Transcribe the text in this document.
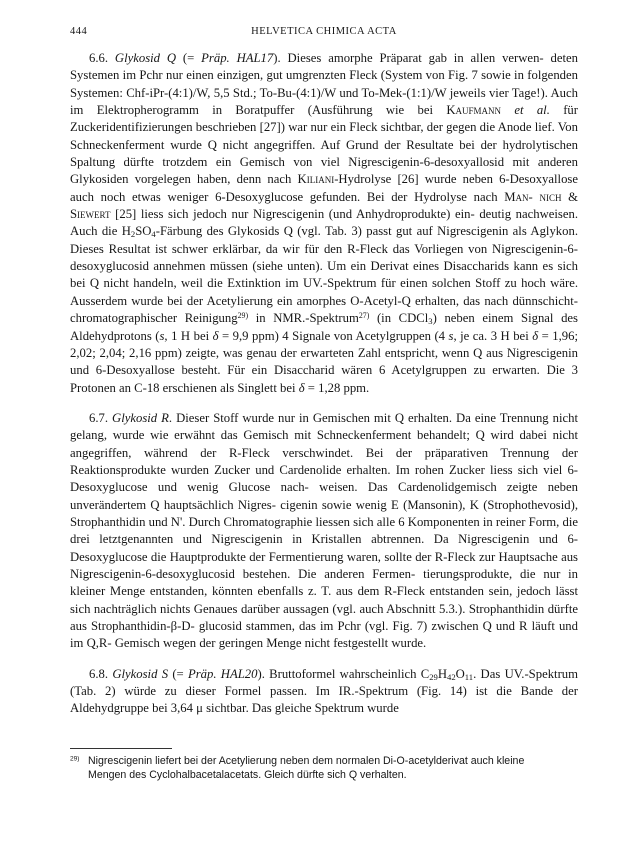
444	HELVETICA CHIMICA ACTA

6.6. Glykosid Q (= Präp. HAL17). Dieses amorphe Präparat gab in allen verwen- deten Systemen im Pchr nur einen einzigen, gut umgrenzten Fleck (System von Fig. 7 sowie in folgenden Systemen: Chf-iPr-(4:1)/W, 5,5 Std.; To-Bu-(4:1)/W und To-Mek-(1:1)/W jeweils vier Tage!). Auch im Elektropherogramm in Boratpuffer (Ausführung wie bei Kaufmann et al. für Zuckeridentifizierungen beschrieben [27]) war nur ein Fleck sichtbar, der gegen die Anode lief. Von Schneckenferment wurde Q nicht angegriffen. Auf Grund der Resultate bei der hydrolytischen Spaltung dürfte trotzdem ein Gemisch von viel Nigrescigenin-6-desoxyallosid mit anderen Glykosiden vorgelegen haben, denn nach Kiliani-Hydrolyse [26] wurde neben 6-Desoxyallose auch noch etwas weniger 6-Desoxyglucose gefunden. Bei der Hydrolyse nach Man- nich & Siewert [25] liess sich jedoch nur Nigrescigenin (und Anhydroprodukte) ein- deutig nachweisen. Auch die $H_2SO_4$-Färbung des Glykosids Q (vgl. Tab. 3) passt gut auf Nigrescigenin als Aglykon. Dieses Resultat ist schwer erklärbar, da wir für den R-Fleck das Vorliegen von Nigrescigenin-6-desoxyglucosid annehmen müssen (siehe unten). Um ein Derivat eines Disaccharids kann es sich bei Q nicht handeln, weil die Extinktion im UV.-Spektrum für einen solchen Stoff zu hoch wäre. Ausserdem wurde bei der Acetylierung ein amorphes O-Acetyl-Q erhalten, das nach dünnschicht- chromatographischer Reinigung$^{29)}$ in NMR.-Spektrum$^{27)}$ (in CDCl$_3$) neben einem Signal des Aldehydprotons (s, 1 H bei δ = 9,9 ppm) 4 Signale von Acetylgruppen (4 s, je ca. 3 H bei δ = 1,96; 2,02; 2,04; 2,16 ppm) zeigte, was genau der erwarteten Zahl entspricht, wenn Q aus Nigrescigenin und 6-Desoxyallose besteht. Für ein Disaccharid wären 6 Acetylgruppen zu erwarten. Die 3 Protonen an C-18 erschienen als Singlett bei δ = 1,28 ppm.

6.7. Glykosid R. Dieser Stoff wurde nur in Gemischen mit Q erhalten. Da eine Trennung nicht gelang, wurde wie erwähnt das Gemisch mit Schneckenferment behandelt; Q wird dabei nicht angegriffen, während der R-Fleck verschwindet. Bei der präparativen Trennung der Reaktionsprodukte wurden Zucker und Cardenolide erhalten. Im rohen Zucker liess sich viel 6-Desoxyglucose und wenig Glucose nach- weisen. Das Cardenolidgemisch zeigte neben unverändertem Q hauptsächlich Nigres- cigenin sowie wenig E (Mansonin), K (Strophothevosid), Strophanthidin und N'. Durch Chromatographie liessen sich alle 6 Komponenten in reiner Form, die drei letztgenannten und Nigrescigenin in Kristallen abtrennen. Da Nigrescigenin und 6-Desoxyglucose die Hauptprodukte der Fermentierung waren, sollte der R-Fleck zur Hauptsache aus Nigrescigenin-6-desoxyglucosid bestehen. Die anderen Fermen- tierungsprodukte, die nur in kleiner Menge entstanden, könnten ebenfalls z. T. aus dem R-Fleck entstanden sein, jedoch lässt sich nachträglich nichts Genaues darüber aussagen (vgl. auch Abschnitt 5.3.). Strophanthidin dürfte aus Strophanthidin-β-D- glucosid stammen, das im Pchr (vgl. Fig. 7) zwischen Q und R läuft und im Q,R- Gemisch wegen der geringen Menge nicht festgestellt wurde.

6.8. Glykosid S (= Präp. HAL20). Bruttoformel wahrscheinlich $C_{29}H_{42}O_{11}$. Das UV.-Spektrum (Tab. 2) würde zu dieser Formel passen. Im IR.-Spektrum (Fig. 14) ist die Bande der Aldehydgruppe bei 3,64 μ sichtbar. Das gleiche Spektrum wurde

$^{29)}$ Nigrescigenin liefert bei der Acetylierung neben dem normalen Di-O-acetylderivat auch kleine

Mengen des Cyclohalbacetalacetats. Gleich dürfte sich Q verhalten.
